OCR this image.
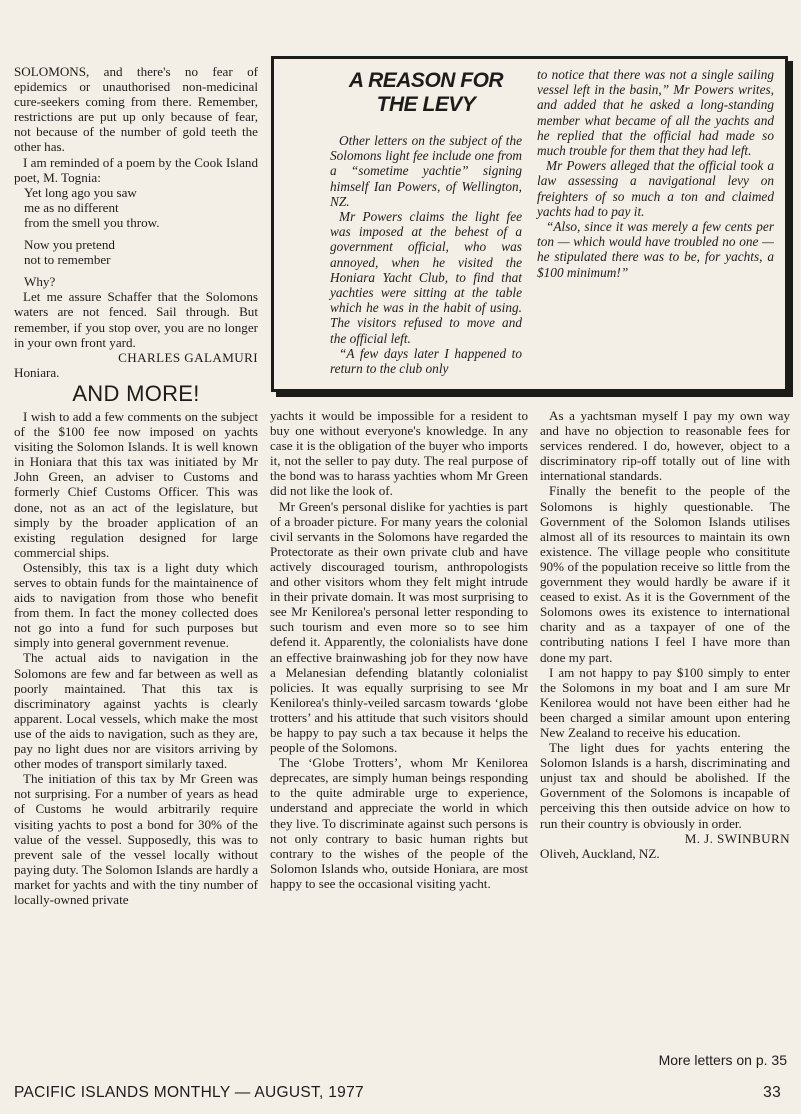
SOLOMONS, and there's no fear of epidemics or unauthorised non-medicinal cure-seekers coming from there. Remember, restrictions are put up only because of fear, not because of the number of gold teeth the other has.

I am reminded of a poem by the Cook Island poet, M. Tognia:

Yet long ago you saw
me as no different
from the smell you throw.
Now you pretend
not to remember
Why?

Let me assure Schaffer that the Solomons waters are not fenced. Sail through. But remember, if you stop over, you are no longer in your own front yard.

CHARLES GALAMURI
Honiara.
AND MORE!

I wish to add a few comments on the subject of the $100 fee now imposed on yachts visiting the Solomon Islands. It is well known in Honiara that this tax was initiated by Mr John Green, an adviser to Customs and formerly Chief Customs Officer. This was done, not as an act of the legislature, but simply by the broader application of an existing regulation designed for large commercial ships.

Ostensibly, this tax is a light duty which serves to obtain funds for the maintainence of aids to navigation from those who benefit from them. In fact the money collected does not go into a fund for such purposes but simply into general government revenue.

The actual aids to navigation in the Solomons are few and far between as well as poorly maintained. That this tax is discriminatory against yachts is clearly apparent. Local vessels, which make the most use of the aids to navigation, such as they are, pay no light dues nor are visitors arriving by other modes of transport similarly taxed.

The initiation of this tax by Mr Green was not surprising. For a number of years as head of Customs he would arbitrarily require visiting yachts to post a bond for 30% of the value of the vessel. Supposedly, this was to prevent sale of the vessel locally without paying duty. The Solomon Islands are hardly a market for yachts and with the tiny number of locally-owned private

A REASON FOR
THE LEVY

Other letters on the subject of the Solomons light fee include one from a “sometime yachtie” signing himself Ian Powers, of Wellington, NZ.

Mr Powers claims the light fee was imposed at the behest of a government official, who was annoyed, when he visited the Honiara Yacht Club, to find that yachties were sitting at the table which he was in the habit of using. The visitors refused to move and the official left.

“A few days later I happened to return to the club only

to notice that there was not a single sailing vessel left in the basin,” Mr Powers writes, and added that he asked a long-standing member what became of all the yachts and he replied that the official had made so much trouble for them that they had left.

Mr Powers alleged that the official took a law assessing a navigational levy on freighters of so much a ton and claimed yachts had to pay it.

“Also, since it was merely a few cents per ton — which would have troubled no one — he stipulated there was to be, for yachts, a $100 minimum!”

yachts it would be impossible for a resident to buy one without everyone's knowledge. In any case it is the obligation of the buyer who imports it, not the seller to pay duty. The real purpose of the bond was to harass yachties whom Mr Green did not like the look of.

Mr Green's personal dislike for yachties is part of a broader picture. For many years the colonial civil servants in the Solomons have regarded the Protectorate as their own private club and have actively discouraged tourism, anthropologists and other visitors whom they felt might intrude in their private domain. It was most surprising to see Mr Kenilorea's personal letter responding to such tourism and even more so to see him defend it. Apparently, the colonialists have done an effective brainwashing job for they now have a Melanesian defending blatantly colonialist policies. It was equally surprising to see Mr Kenilorea's thinly-veiled sarcasm towards ‘globe trotters’ and his attitude that such visitors should be happy to pay such a tax because it helps the people of the Solomons.

The ‘Globe Trotters’, whom Mr Kenilorea deprecates, are simply human beings responding to the quite admirable urge to experience, understand and appreciate the world in which they live. To discriminate against such persons is not only contrary to basic human rights but contrary to the wishes of the people of the Solomon Islands who, outside Honiara, are most happy to see the occasional visiting yacht.

As a yachtsman myself I pay my own way and have no objection to reasonable fees for services rendered. I do, however, object to a discriminatory rip-off totally out of line with international standards.

Finally the benefit to the people of the Solomons is highly questionable. The Government of the Solomon Islands utilises almost all of its resources to maintain its own existence. The village people who consititute 90% of the population receive so little from the government they would hardly be aware if it ceased to exist. As it is the Government of the Solomons owes its existence to international charity and as a taxpayer of one of the contributing nations I feel I have more than done my part.

I am not happy to pay $100 simply to enter the Solomons in my boat and I am sure Mr Kenilorea would not have been either had he been charged a similar amount upon entering New Zealand to receive his education.

The light dues for yachts entering the Solomon Islands is a harsh, discriminating and unjust tax and should be abolished. If the Government of the Solomons is incapable of perceiving this then outside advice on how to run their country is obviously in order.

M. J. SWINBURN
Oliveh, Auckland, NZ.
More letters on p. 35
PACIFIC ISLANDS MONTHLY — AUGUST, 1977	33
